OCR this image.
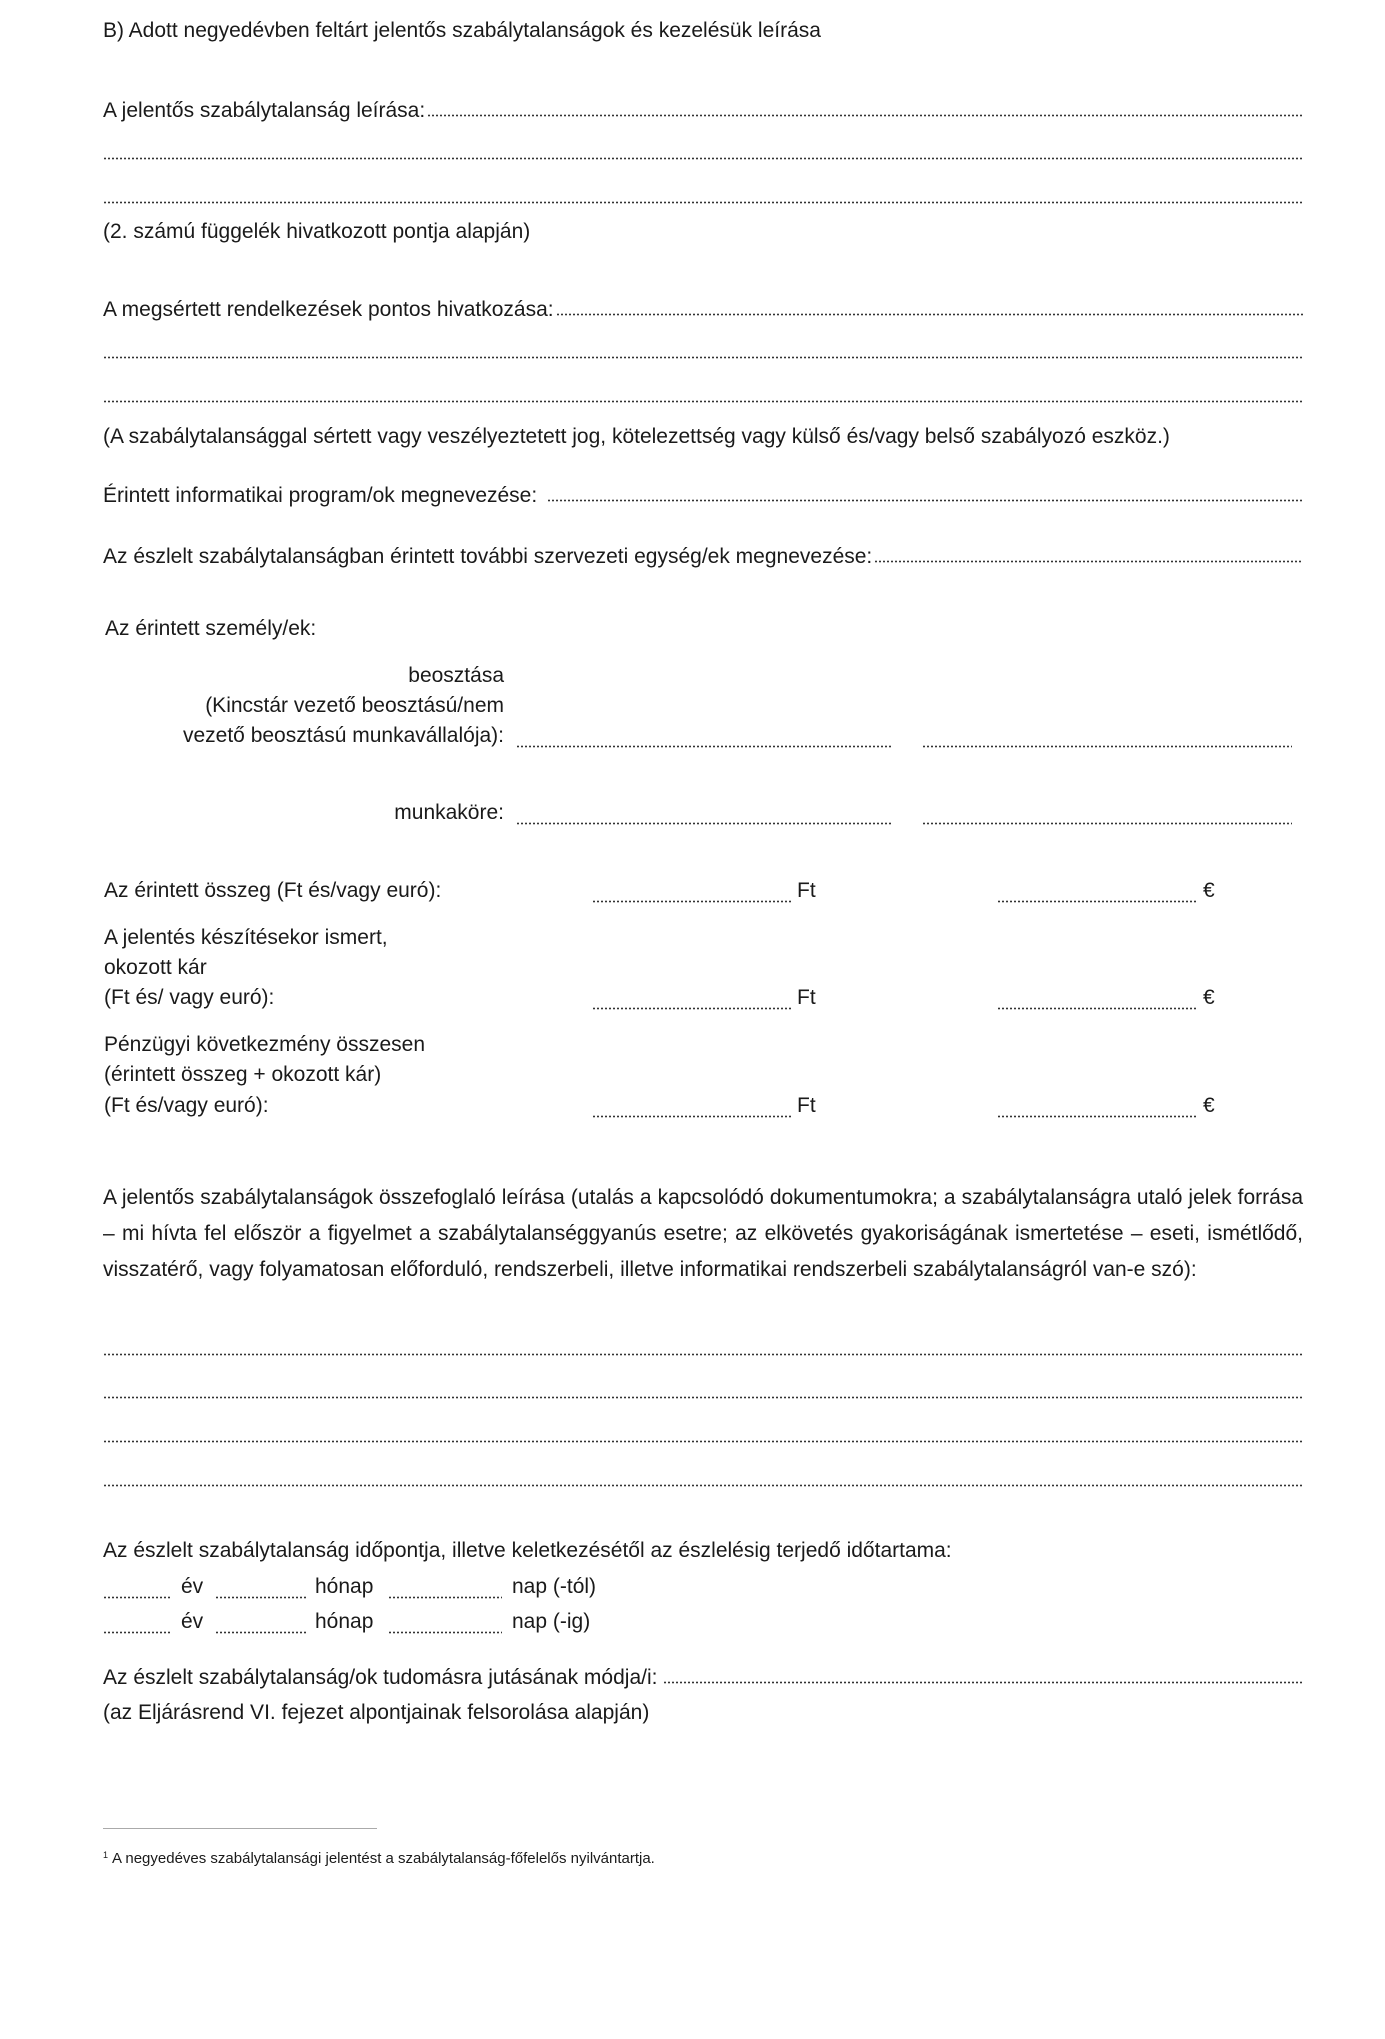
B) Adott negyedévben feltárt jelentős szabálytalanságok és kezelésük leírása
A jelentős szabálytalanság leírása:
(2. számú függelék hivatkozott pontja alapján)
A megsértett rendelkezések pontos hivatkozása:
(A szabálytalansággal sértett vagy veszélyeztetett jog, kötelezettség vagy külső és/vagy belső szabályozó eszköz.)
Érintett informatikai program/ok megnevezése:
Az észlelt szabálytalanságban érintett további szervezeti egység/ek megnevezése:
Az érintett személy/ek:
beosztása
(Kincstár vezető beosztású/nem
vezető beosztású munkavállalója):
munkaköre:
Az érintett összeg (Ft és/vagy euró):	Ft	€
A jelentés készítésekor ismert,
okozott kár
(Ft és/ vagy euró):	Ft	€
Pénzügyi következmény összesen
(érintett összeg + okozott kár)
(Ft és/vagy euró):	Ft	€
A jelentős szabálytalanságok összefoglaló leírása (utalás a kapcsolódó dokumentumokra; a szabálytalanságra utaló jelek forrása – mi hívta fel először a figyelmet a szabálytalanséggyanús esetre; az elkövetés gyakoriságának ismertetése – eseti, ismétlődő, visszatérő, vagy folyamatosan előforduló, rendszerbeli, illetve informatikai rendszerbeli szabálytalanságról van-e szó):
Az észlelt szabálytalanság időpontja, illetve keletkezésétől az észlelésig terjedő időtartama:
év	hónap	nap (-tól)
év	hónap	nap (-ig)
Az észlelt szabálytalanság/ok tudomásra jutásának módja/i:
(az Eljárásrend VI. fejezet alpontjainak felsorolása alapján)
$^1$ A negyedéves szabálytalansági jelentést a szabálytalanság-főfelelős nyilvántartja.
